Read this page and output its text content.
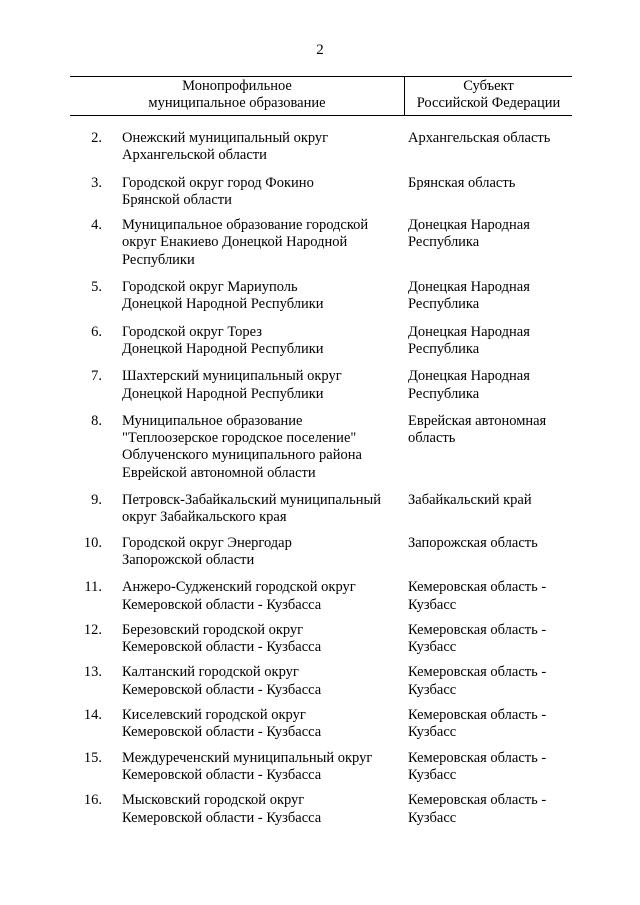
2
Монопрофильное
муниципальное образование
Субъект
Российской Федерации
2. Онежский муниципальный округ
Архангельской области
Архангельская область
3. Городской округ город Фокино
Брянской области
Брянская область
4. Муниципальное образование городской
округ Енакиево Донецкой Народной
Республики
Донецкая Народная
Республика
5. Городской округ Мариуполь
Донецкой Народной Республики
Донецкая Народная
Республика
6. Городской округ Торез
Донецкой Народной Республики
Донецкая Народная
Республика
7. Шахтерский муниципальный округ
Донецкой Народной Республики
Донецкая Народная
Республика
8. Муниципальное образование
"Теплоозерское городское поселение"
Облученского муниципального района
Еврейской автономной области
Еврейская автономная
область
9. Петровск-Забайкальский муниципальный
округ Забайкальского края
Забайкальский край
10. Городской округ Энергодар
Запорожской области
Запорожская область
11. Анжеро-Судженский городской округ
Кемеровской области - Кузбасса
Кемеровская область -
Кузбасс
12. Березовский городской округ
Кемеровской области - Кузбасса
Кемеровская область -
Кузбасс
13. Калтанский городской округ
Кемеровской области - Кузбасса
Кемеровская область -
Кузбасс
14. Киселевский городской округ
Кемеровской области - Кузбасса
Кемеровская область -
Кузбасс
15. Междуреченский муниципальный округ
Кемеровской области - Кузбасса
Кемеровская область -
Кузбасс
16. Мысковский городской округ
Кемеровской области - Кузбасса
Кемеровская область -
Кузбасс
